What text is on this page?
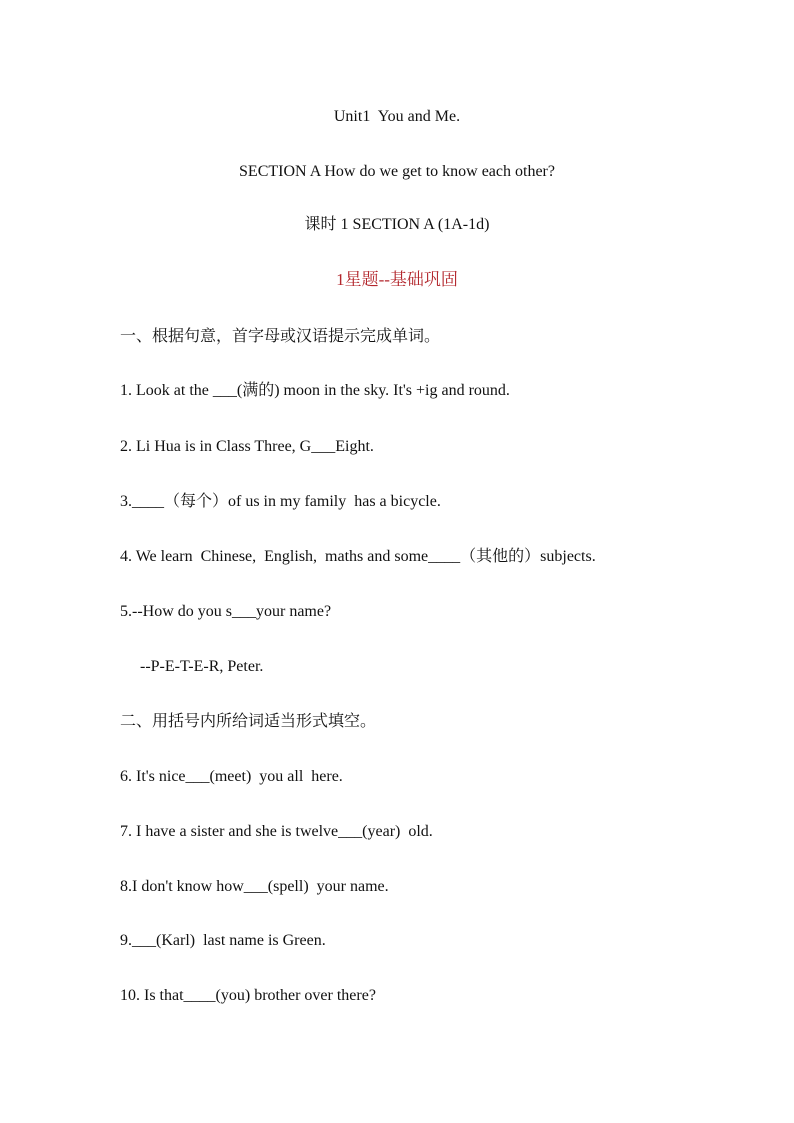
Unit1  You and Me.
SECTION A How do we get to know each other?
课时 1 SECTION A (1A-1d)
1星题--基础巩固
一、根据句意，首字母或汉语提示完成单词。
1. Look at the ___(满的) moon in the sky. It's +ig and round.
2. Li Hua is in Class Three, G___Eight.
3.____（每个）of us in my family  has a bicycle.
4. We learn  Chinese,  English,  maths and some____（其他的）subjects.
5.--How do you s___your name?
--P-E-T-E-R, Peter.
二、用括号内所给词适当形式填空。
6. It's nice___(meet)  you all  here.
7. I have a sister and she is twelve___(year)  old.
8.I don't know how___(spell)  your name.
9.___(Karl)  last name is Green.
10. Is that____(you) brother over there?
